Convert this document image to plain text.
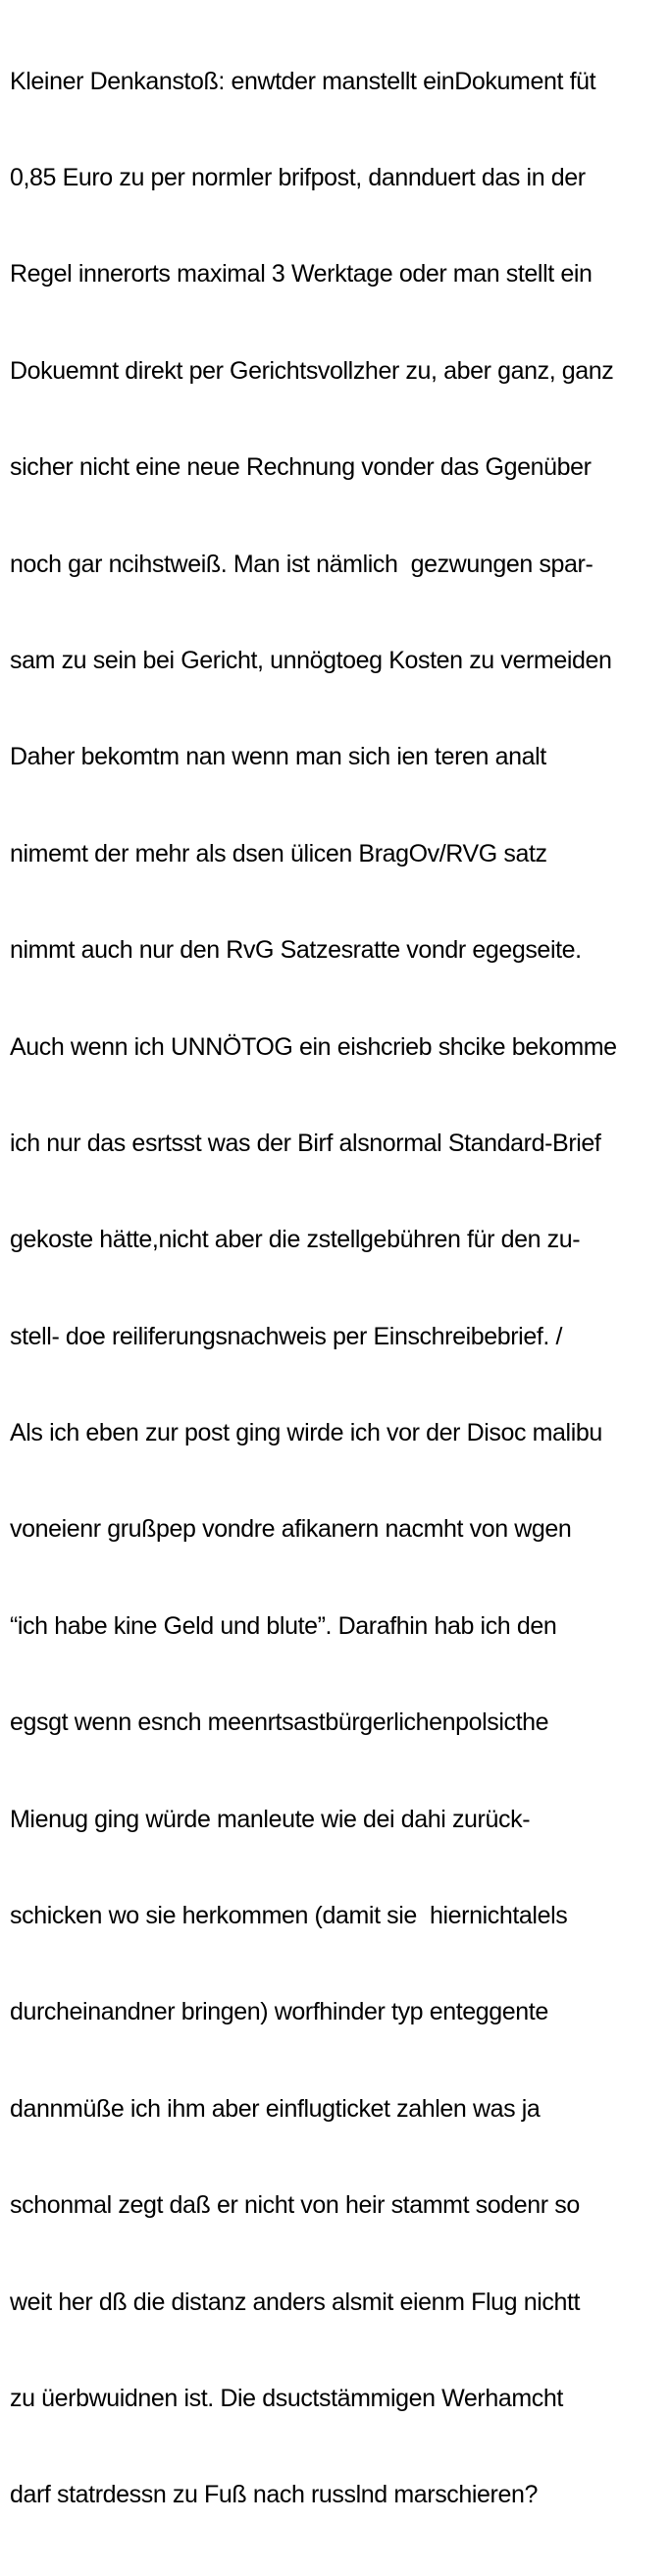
Kleiner Denkanstoß: enwtder manstellt einDokument füt

0,85 Euro zu per normler brifpost, dannduert das in der

Regel innerorts maximal 3 Werktage oder man stellt ein

Dokuemnt direkt per Gerichtsvollzher zu, aber ganz, ganz

sicher nicht eine neue Rechnung vonder das Ggenüber

noch gar ncihstweiß. Man ist nämlich  gezwungen spar-

sam zu sein bei Gericht, unnögtoeg Kosten zu vermeiden

Daher bekomtm nan wenn man sich ien teren analt

nimemt der mehr als dsen ülicen BragOv/RVG satz

nimmt auch nur den RvG Satzesratte vondr egegseite.

Auch wenn ich UNNÖTOG ein eishcrieb shcike bekomme

ich nur das esrtsst was der Birf alsnormal Standard-Brief

gekoste hätte,nicht aber die zstellgebühren für den zu-

stell- doe reiliferungsnachweis per Einschreibebrief. /

Als ich eben zur post ging wirde ich vor der Disoc malibu

voneienr grußpep vondre afikanern nacmht von wgen

“ich habe kine Geld und blute”. Darafhin hab ich den

egsgt wenn esnch meenrtsastbürgerlichenpolsicthe

Mienug ging würde manleute wie dei dahi zurück-

schicken wo sie herkommen (damit sie  hiernichtalels

durcheinandner bringen) worfhinder typ enteggente

dannmüße ich ihm aber einflugticket zahlen was ja

schonmal zegt daß er nicht von heir stammt sodenr so

weit her dß die distanz anders alsmit eienm Flug nichtt

zu üerbwuidnen ist. Die dsuctstämmigen Werhamcht

darf statrdessn zu Fuß nach russlnd marschieren?
